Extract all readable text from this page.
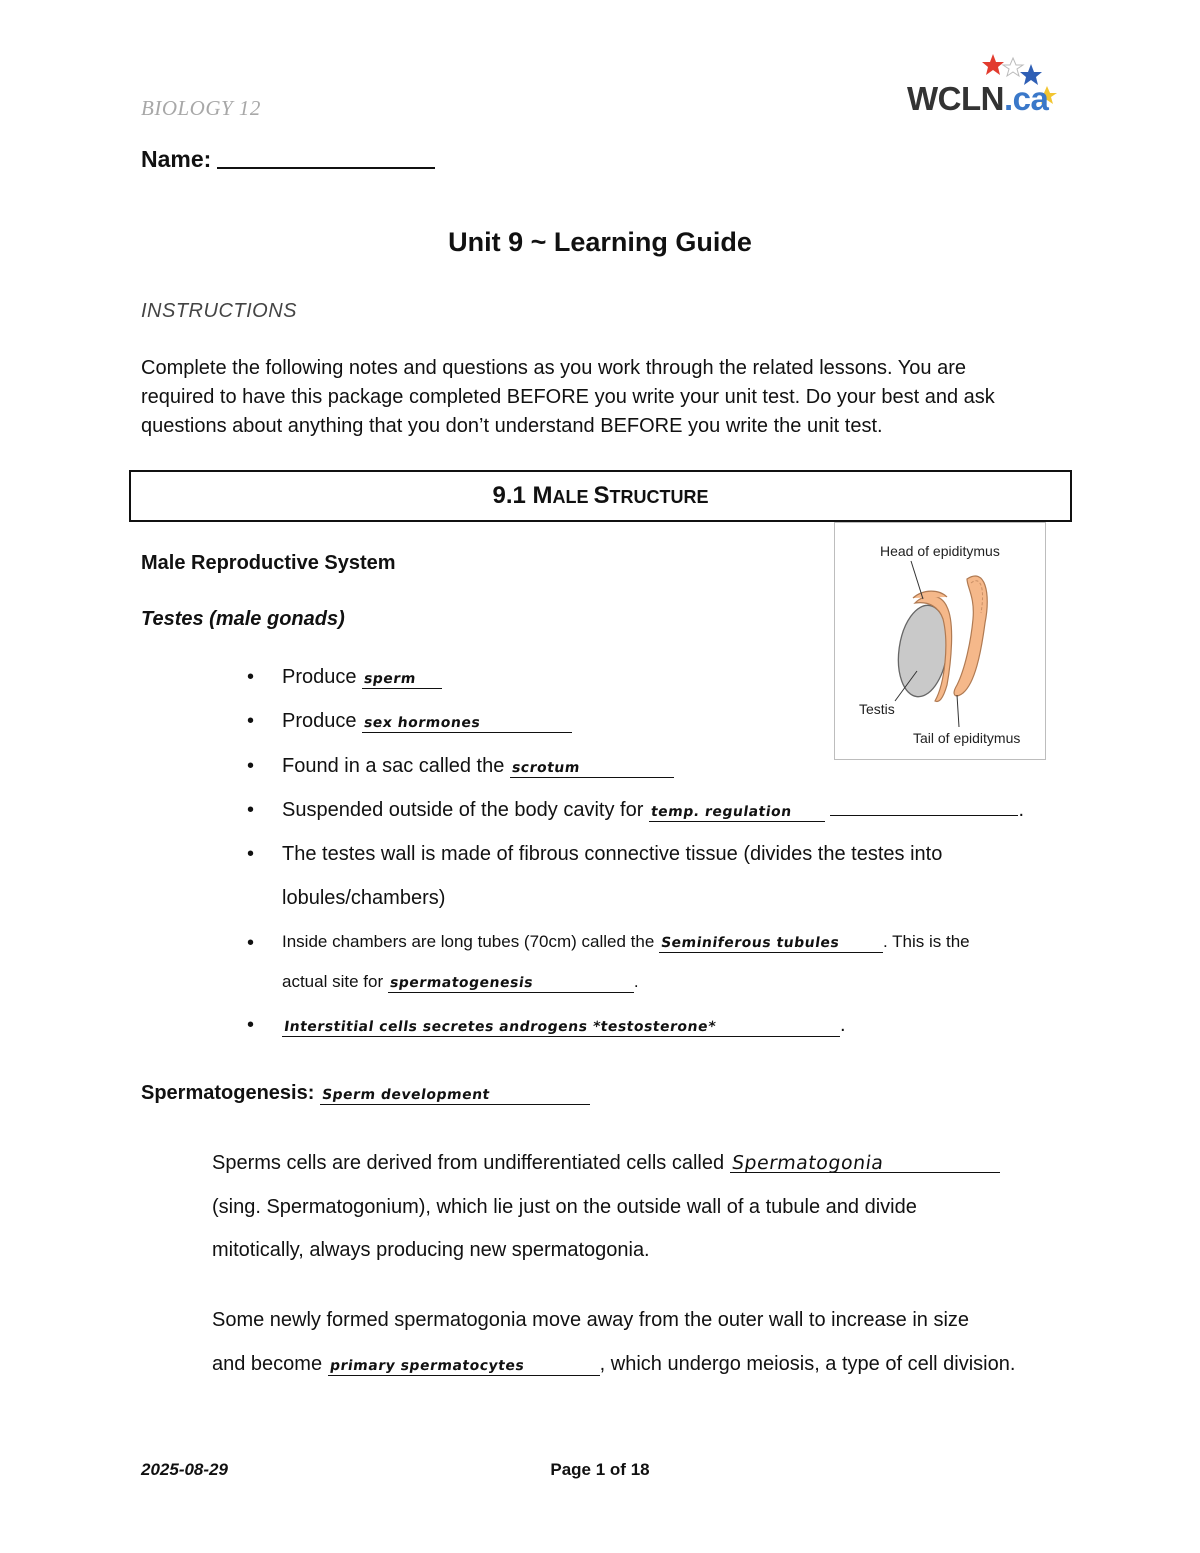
BIOLOGY 12	WCLN.ca
Name:
Unit 9 ~ Learning Guide
INSTRUCTIONS
Complete the following notes and questions as you work through the related lessons. You are
required to have this package completed BEFORE you write your unit test. Do your best and ask
questions about anything that you don’t understand BEFORE you write the unit test.
9.1 MALE STRUCTURE
Head of epiditymus
Testis
Tail of epiditymus
Male Reproductive System
Testes (male gonads)
• Produce sperm
• Produce sex hormones
• Found in a sac called the scrotum
• Suspended outside of the body cavity for temp. regulation	.
• The testes wall is made of fibrous connective tissue (divides the testes into
lobules/chambers)
• Inside chambers are long tubes (70cm) called the Seminiferous tubules	. This is the
actual site for spermatogenesis	.
• Interstitial cells secretes androgens *testosterone*	.
Spermatogenesis: Sperm development
Sperms cells are derived from undifferentiated cells called Spermatogonia
(sing. Spermatogonium), which lie just on the outside wall of a tubule and divide
mitotically, always producing new spermatogonia.
Some newly formed spermatogonia move away from the outer wall to increase in size
and become primary spermatocytes	, which undergo meiosis, a type of cell division.
2025-08-29	Page 1 of 18
